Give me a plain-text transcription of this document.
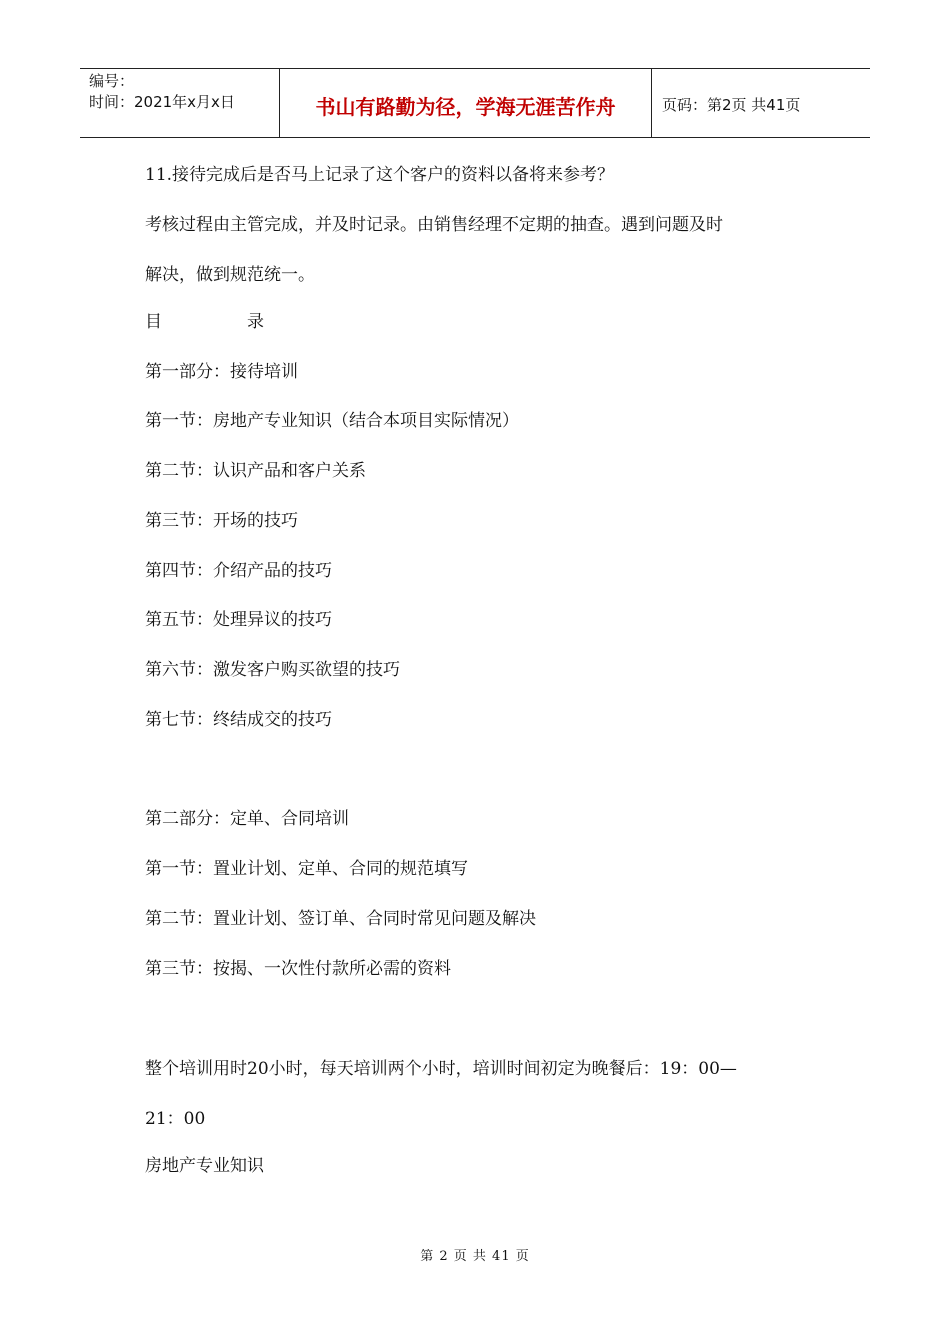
编号：
时间：2021年x月x日	书山有路勤为径，学海无涯苦作舟	页码：第2页 共41页
11.接待完成后是否马上记录了这个客户的资料以备将来参考？
考核过程由主管完成，并及时记录。由销售经理不定期的抽查。遇到问题及时
解决，做到规范统一。
目　　　　　录
第一部分：接待培训
第一节：房地产专业知识（结合本项目实际情况）
第二节：认识产品和客户关系
第三节：开场的技巧
第四节：介绍产品的技巧
第五节：处理异议的技巧
第六节：激发客户购买欲望的技巧
第七节：终结成交的技巧
第二部分：定单、合同培训
第一节：置业计划、定单、合同的规范填写
第二节：置业计划、签订单、合同时常见问题及解决
第三节：按揭、一次性付款所必需的资料
整个培训用时20小时，每天培训两个小时，培训时间初定为晚餐后：19：00—
21：00
房地产专业知识
第 2 页 共 41 页
